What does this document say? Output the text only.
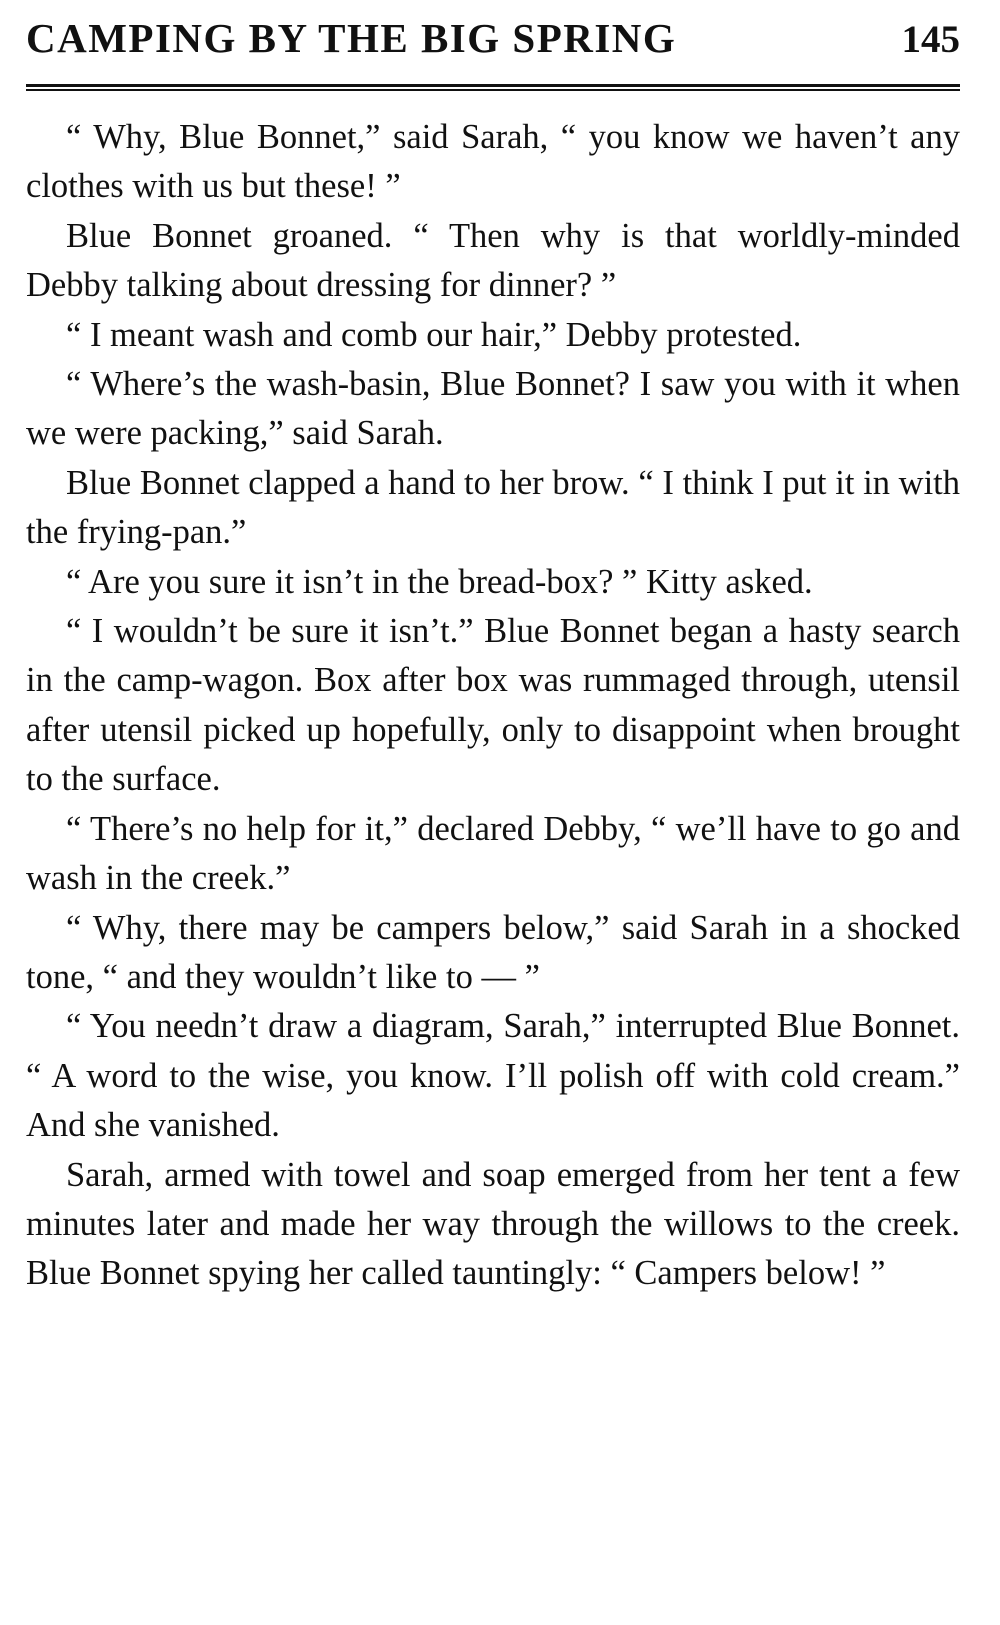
CAMPING BY THE BIG SPRING	145

“ Why, Blue Bonnet,” said Sarah, “ you know we haven’t any clothes with us but these! ”

Blue Bonnet groaned. “ Then why is that worldly-minded Debby talking about dressing for dinner? ”

“ I meant wash and comb our hair,” Debby protested.

“ Where’s the wash-basin, Blue Bonnet? I saw you with it when we were packing,” said Sarah.

Blue Bonnet clapped a hand to her brow. “ I think I put it in with the frying-pan.”

“ Are you sure it isn’t in the bread-box? ” Kitty asked.

“ I wouldn’t be sure it isn’t.” Blue Bonnet began a hasty search in the camp-wagon. Box after box was rummaged through, utensil after utensil picked up hopefully, only to disappoint when brought to the surface.

“ There’s no help for it,” declared Debby, “ we’ll have to go and wash in the creek.”

“ Why, there may be campers below,” said Sarah in a shocked tone, “ and they wouldn’t like to — ”

“ You needn’t draw a diagram, Sarah,” interrupted Blue Bonnet. “ A word to the wise, you know. I’ll polish off with cold cream.” And she vanished.

Sarah, armed with towel and soap emerged from her tent a few minutes later and made her way through the willows to the creek. Blue Bonnet spying her called tauntingly: “ Campers below! ”
